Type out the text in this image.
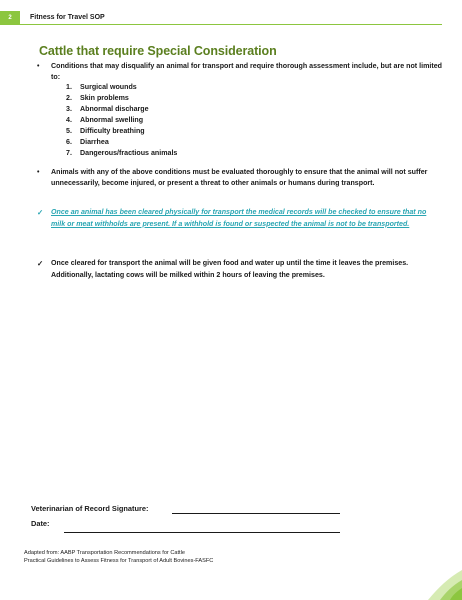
2	Fitness for Travel SOP
Cattle that require Special Consideration
• Conditions that may disqualify an animal for transport and require thorough assessment include, but are not limited to:
1. Surgical wounds
2. Skin problems
3. Abnormal discharge
4. Abnormal swelling
5. Difficulty breathing
6. Diarrhea
7. Dangerous/fractious animals
• Animals with any of the above conditions must be evaluated thoroughly to ensure that the animal will not suffer unnecessarily, become injured, or present a threat to other animals or humans during transport.
✓ Once an animal has been cleared physically for transport the medical records will be checked to ensure that no milk or meat withholds are present. If a withhold is found or suspected the animal is not to be transported.
✓ Once cleared for transport the animal will be given food and water up until the time it leaves the premises. Additionally, lactating cows will be milked within 2 hours of leaving the premises.
Veterinarian of Record Signature:
Date:
Adapted from: AABP Transportation Recommendations for Cattle
Practical Guidelines to Assess Fitness for Transport of Adult Bovines-FASFC
